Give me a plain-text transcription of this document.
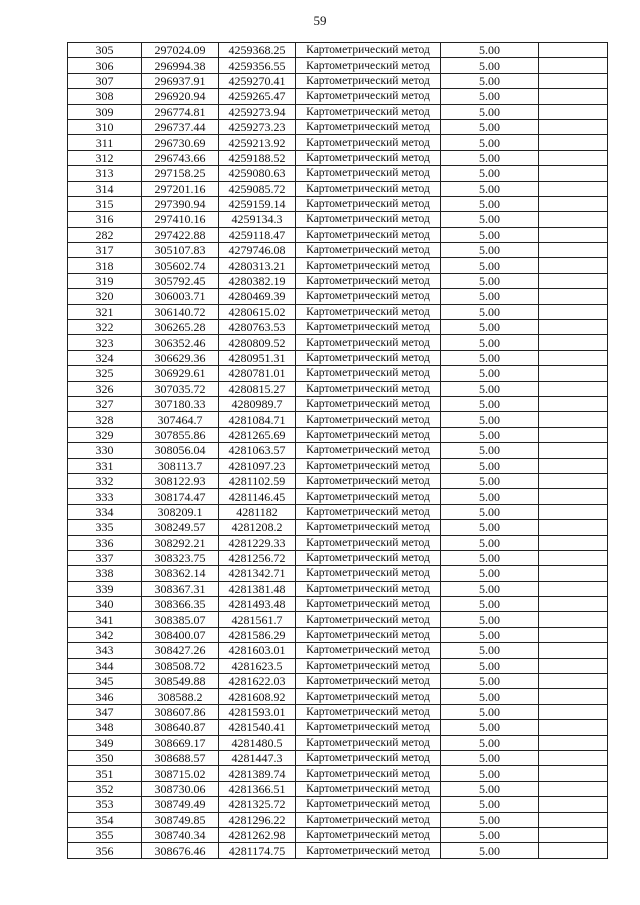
59
305	297024.09	4259368.25	Картометрический метод	5.00	
306	296994.38	4259356.55	Картометрический метод	5.00	
307	296937.91	4259270.41	Картометрический метод	5.00	
308	296920.94	4259265.47	Картометрический метод	5.00	
309	296774.81	4259273.94	Картометрический метод	5.00	
310	296737.44	4259273.23	Картометрический метод	5.00	
311	296730.69	4259213.92	Картометрический метод	5.00	
312	296743.66	4259188.52	Картометрический метод	5.00	
313	297158.25	4259080.63	Картометрический метод	5.00	
314	297201.16	4259085.72	Картометрический метод	5.00	
315	297390.94	4259159.14	Картометрический метод	5.00	
316	297410.16	4259134.3	Картометрический метод	5.00	
282	297422.88	4259118.47	Картометрический метод	5.00	
317	305107.83	4279746.08	Картометрический метод	5.00	
318	305602.74	4280313.21	Картометрический метод	5.00	
319	305792.45	4280382.19	Картометрический метод	5.00	
320	306003.71	4280469.39	Картометрический метод	5.00	
321	306140.72	4280615.02	Картометрический метод	5.00	
322	306265.28	4280763.53	Картометрический метод	5.00	
323	306352.46	4280809.52	Картометрический метод	5.00	
324	306629.36	4280951.31	Картометрический метод	5.00	
325	306929.61	4280781.01	Картометрический метод	5.00	
326	307035.72	4280815.27	Картометрический метод	5.00	
327	307180.33	4280989.7	Картометрический метод	5.00	
328	307464.7	4281084.71	Картометрический метод	5.00	
329	307855.86	4281265.69	Картометрический метод	5.00	
330	308056.04	4281063.57	Картометрический метод	5.00	
331	308113.7	4281097.23	Картометрический метод	5.00	
332	308122.93	4281102.59	Картометрический метод	5.00	
333	308174.47	4281146.45	Картометрический метод	5.00	
334	308209.1	4281182	Картометрический метод	5.00	
335	308249.57	4281208.2	Картометрический метод	5.00	
336	308292.21	4281229.33	Картометрический метод	5.00	
337	308323.75	4281256.72	Картометрический метод	5.00	
338	308362.14	4281342.71	Картометрический метод	5.00	
339	308367.31	4281381.48	Картометрический метод	5.00	
340	308366.35	4281493.48	Картометрический метод	5.00	
341	308385.07	4281561.7	Картометрический метод	5.00	
342	308400.07	4281586.29	Картометрический метод	5.00	
343	308427.26	4281603.01	Картометрический метод	5.00	
344	308508.72	4281623.5	Картометрический метод	5.00	
345	308549.88	4281622.03	Картометрический метод	5.00	
346	308588.2	4281608.92	Картометрический метод	5.00	
347	308607.86	4281593.01	Картометрический метод	5.00	
348	308640.87	4281540.41	Картометрический метод	5.00	
349	308669.17	4281480.5	Картометрический метод	5.00	
350	308688.57	4281447.3	Картометрический метод	5.00	
351	308715.02	4281389.74	Картометрический метод	5.00	
352	308730.06	4281366.51	Картометрический метод	5.00	
353	308749.49	4281325.72	Картометрический метод	5.00	
354	308749.85	4281296.22	Картометрический метод	5.00	
355	308740.34	4281262.98	Картометрический метод	5.00	
356	308676.46	4281174.75	Картометрический метод	5.00	
